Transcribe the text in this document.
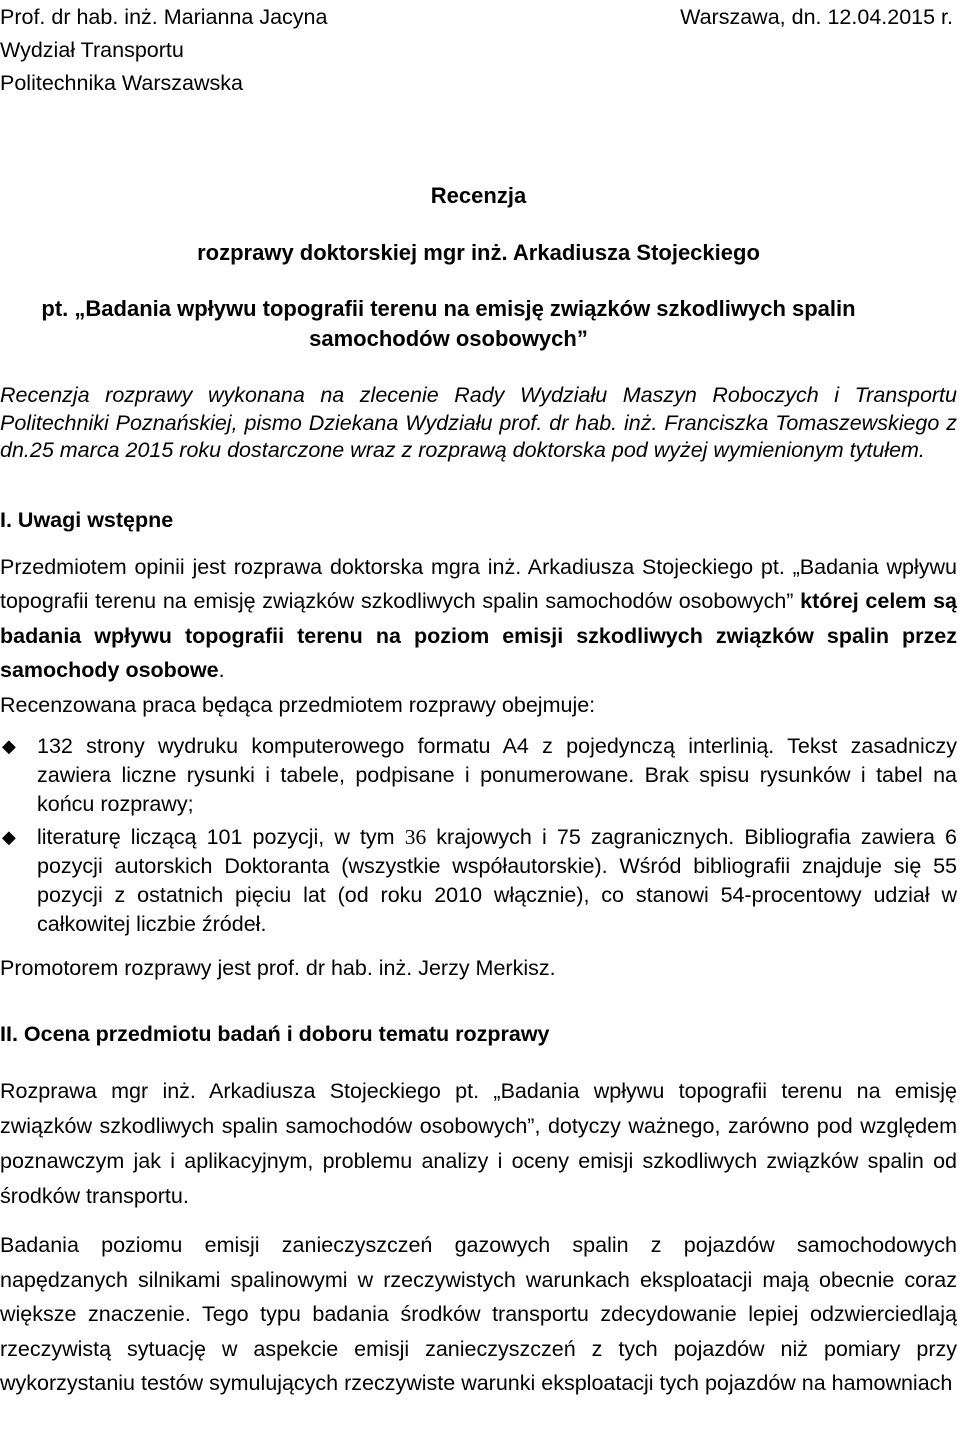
Prof. dr hab. inż. Marianna Jacyna
Wydział Transportu
Politechnika Warszawska
Warszawa, dn. 12.04.2015 r.
Recenzja
rozprawy doktorskiej mgr inż. Arkadiusza Stojeckiego
pt. „Badania wpływu topografii terenu na emisję związków szkodliwych spalin samochodów osobowych”

Recenzja rozprawy wykonana na zlecenie Rady Wydziału Maszyn Roboczych i Transportu Politechniki Poznańskiej, pismo Dziekana Wydziału prof. dr hab. inż. Franciszka Tomaszewskiego z dn.25 marca 2015 roku dostarczone wraz z rozprawą doktorska pod wyżej wymienionym tytułem.

I. Uwagi wstępne

Przedmiotem opinii jest rozprawa doktorska mgra inż. Arkadiusza Stojeckiego pt. „Badania wpływu topografii terenu na emisję związków szkodliwych spalin samochodów osobowych” której celem są badania wpływu topografii terenu na poziom emisji szkodliwych związków spalin przez samochody osobowe.

Recenzowana praca będąca przedmiotem rozprawy obejmuje:

◆ 132 strony wydruku komputerowego formatu A4 z pojedynczą interlinią. Tekst zasadniczy zawiera liczne rysunki i tabele, podpisane i ponumerowane. Brak spisu rysunków i tabel na końcu rozprawy;
◆ literaturę liczącą 101 pozycji, w tym 36 krajowych i 75 zagranicznych. Bibliografia zawiera 6 pozycji autorskich Doktoranta (wszystkie współautorskie). Wśród bibliografii znajduje się 55 pozycji z ostatnich pięciu lat (od roku 2010 włącznie), co stanowi 54-procentowy udział w całkowitej liczbie źródeł.

Promotorem rozprawy jest prof. dr hab. inż. Jerzy Merkisz.

II. Ocena przedmiotu badań i doboru tematu rozprawy

Rozprawa mgr inż. Arkadiusza Stojeckiego pt. „Badania wpływu topografii terenu na emisję związków szkodliwych spalin samochodów osobowych”, dotyczy ważnego, zarówno pod względem poznawczym jak i aplikacyjnym, problemu analizy i oceny emisji szkodliwych związków spalin od środków transportu.

Badania poziomu emisji zanieczyszczeń gazowych spalin z pojazdów samochodowych napędzanych silnikami spalinowymi w rzeczywistych warunkach eksploatacji mają obecnie coraz większe znaczenie. Tego typu badania środków transportu zdecydowanie lepiej odzwierciedlają rzeczywistą sytuację w aspekcie emisji zanieczyszczeń z tych pojazdów niż pomiary przy wykorzystaniu testów symulujących rzeczywiste warunki eksploatacji tych pojazdów na hamowniach
